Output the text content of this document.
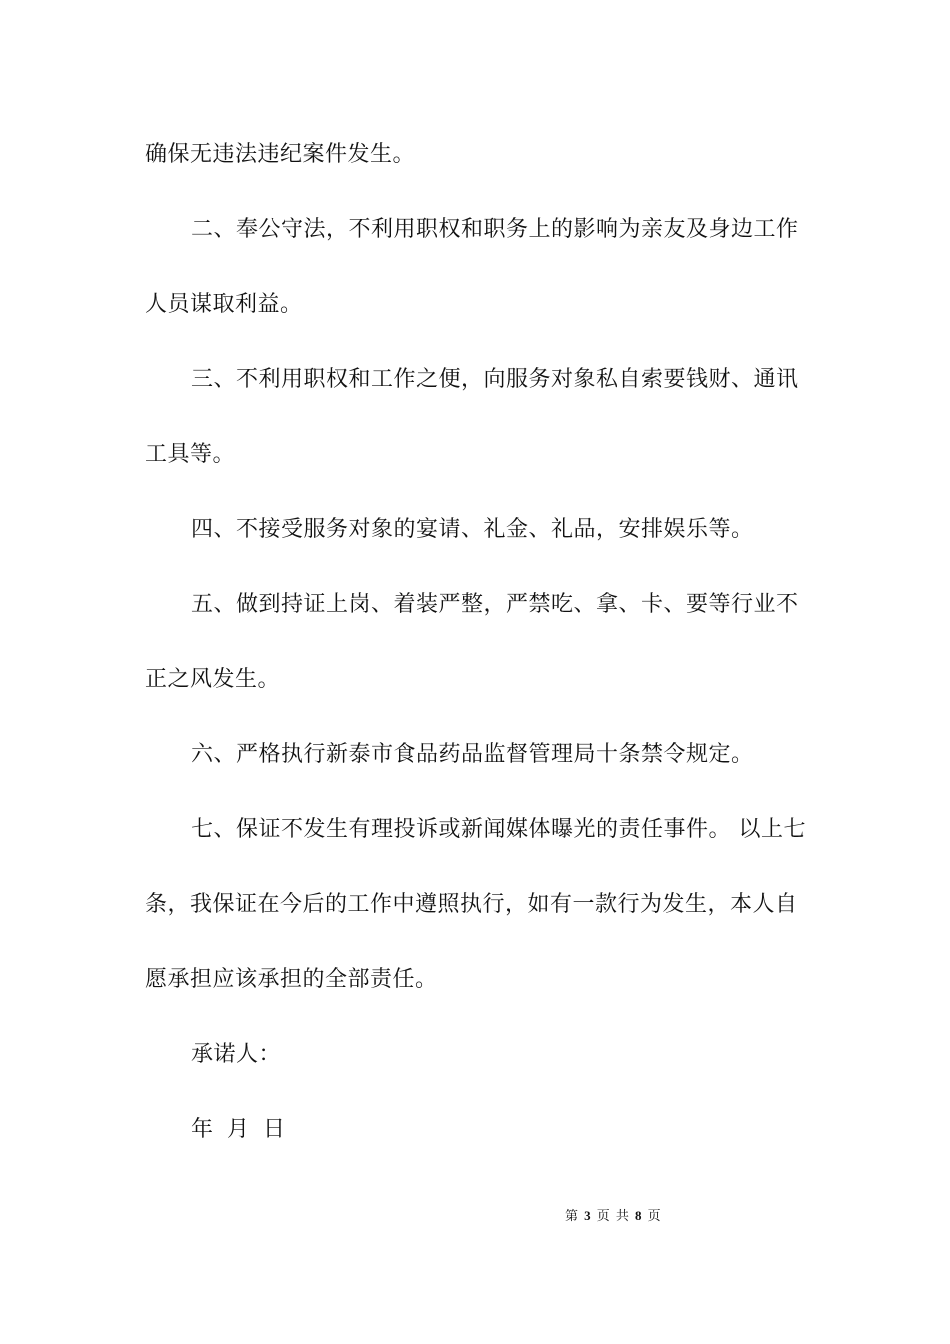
确保无违法违纪案件发生。
二、奉公守法，不利用职权和职务上的影响为亲友及身边工作
人员谋取利益。
三、不利用职权和工作之便，向服务对象私自索要钱财、通讯
工具等。
四、不接受服务对象的宴请、礼金、礼品，安排娱乐等。
五、做到持证上岗、着装严整，严禁吃、拿、卡、要等行业不
正之风发生。
六、严格执行新泰市食品药品监督管理局十条禁令规定。
七、保证不发生有理投诉或新闻媒体曝光的责任事件。 以上七
条，我保证在今后的工作中遵照执行，如有一款行为发生，本人自
愿承担应该承担的全部责任。
承诺人：
年 月 日
第 3 页 共 8 页
